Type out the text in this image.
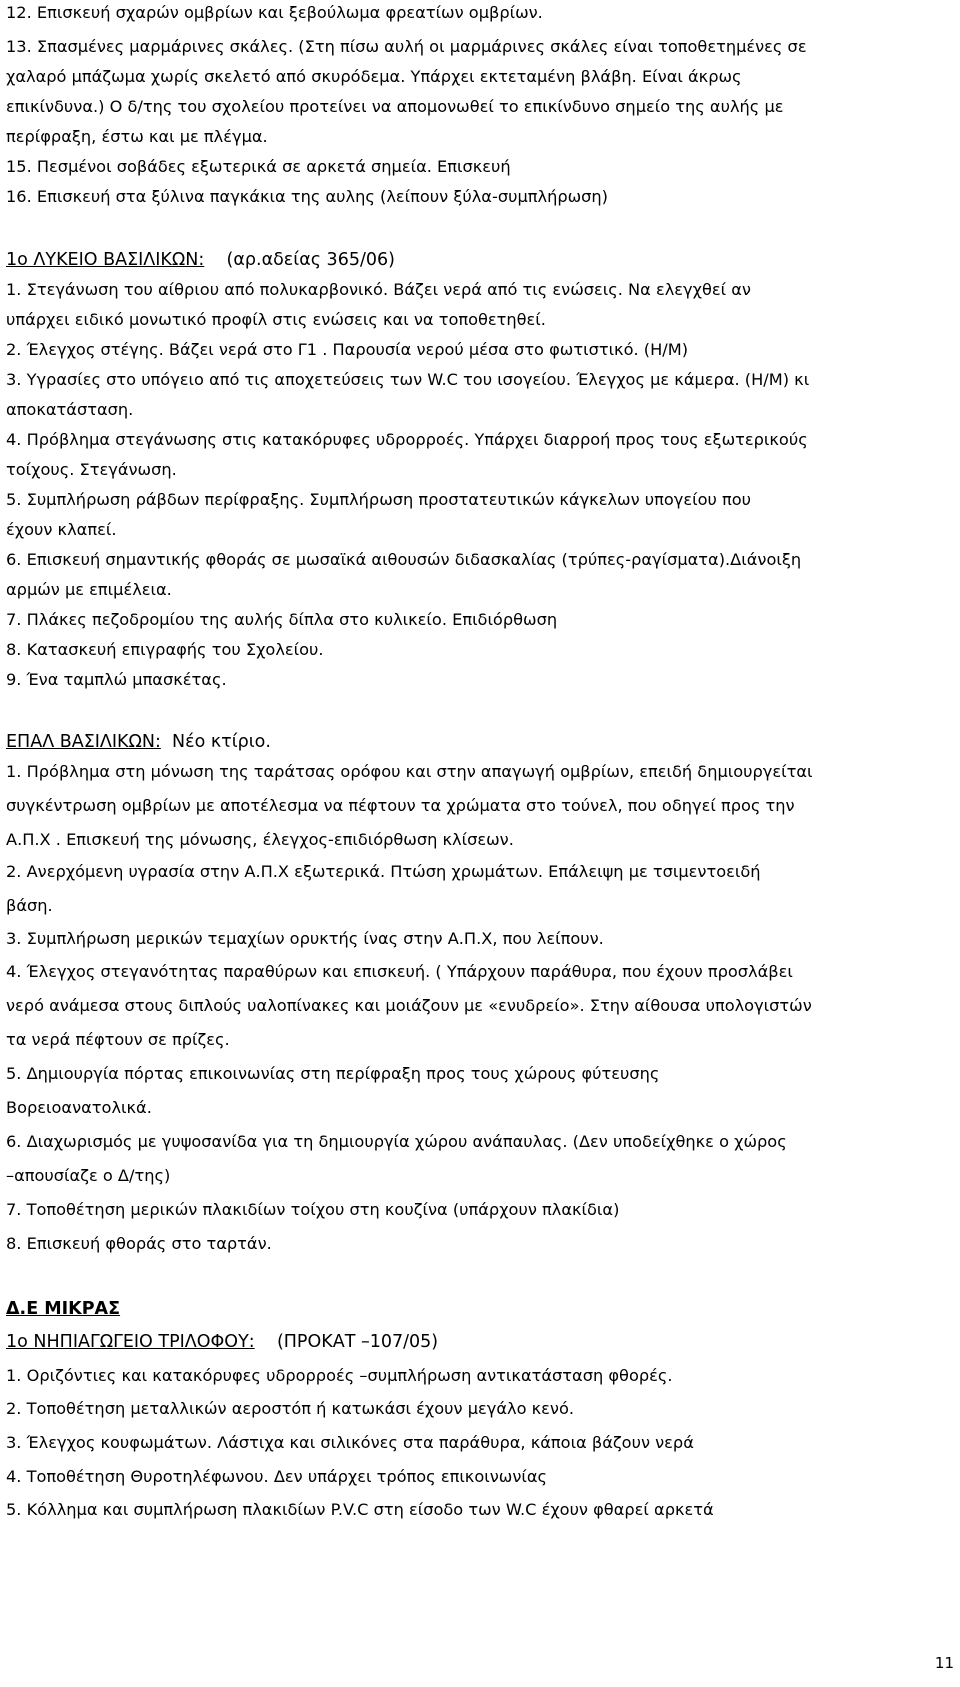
12. Επισκευή σχαρών ομβρίων και ξεβούλωμα φρεατίων ομβρίων.
13. Σπασμένες μαρμάρινες σκάλες. (Στη πίσω αυλή οι μαρμάρινες σκάλες είναι τοποθετημένες σε
χαλαρό μπάζωμα χωρίς σκελετό από σκυρόδεμα. Υπάρχει εκτεταμένη βλάβη. Είναι άκρως
επικίνδυνα.) Ο δ/της του σχολείου προτείνει να απομονωθεί το επικίνδυνο σημείο της αυλής με
περίφραξη, έστω και με πλέγμα.
15. Πεσμένοι σοβάδες εξωτερικά σε αρκετά σημεία. Επισκευή
16. Επισκευή στα ξύλινα παγκάκια της αυλης (λείπουν ξύλα-συμπλήρωση)
1ο ΛΥΚΕΙΟ ΒΑΣΙΛΙΚΩΝ: (αρ.αδείας 365/06)
1. Στεγάνωση του αίθριου από πολυκαρβονικό. Βάζει νερά από τις ενώσεις. Να ελεγχθεί αν
υπάρχει ειδικό μονωτικό προφίλ στις ενώσεις και να τοποθετηθεί.
2. Έλεγχος στέγης. Βάζει νερά στο Γ1 . Παρουσία νερού μέσα στο φωτιστικό. (Η/Μ)
3. Υγρασίες στο υπόγειο από τις αποχετεύσεις των W.C του ισογείου. Έλεγχος με κάμερα. (Η/Μ) κι
αποκατάσταση.
4. Πρόβλημα στεγάνωσης στις κατακόρυφες υδρορροές. Υπάρχει διαρροή προς τους εξωτερικούς
τοίχους. Στεγάνωση.
5. Συμπλήρωση ράβδων περίφραξης. Συμπλήρωση προστατευτικών κάγκελων υπογείου που
έχουν κλαπεί.
6. Επισκευή σημαντικής φθοράς σε μωσαϊκά αιθουσών διδασκαλίας (τρύπες-ραγίσματα).Διάνοιξη
αρμών με επιμέλεια.
7. Πλάκες πεζοδρομίου της αυλής δίπλα στο κυλικείο. Επιδιόρθωση
8. Κατασκευή επιγραφής του Σχολείου.
9. Ένα ταμπλώ μπασκέτας.
ΕΠΑΛ ΒΑΣΙΛΙΚΩΝ: Νέο κτίριο.
1. Πρόβλημα στη μόνωση της ταράτσας ορόφου και στην απαγωγή ομβρίων, επειδή δημιουργείται
συγκέντρωση ομβρίων με αποτέλεσμα να πέφτουν τα χρώματα στο τούνελ, που οδηγεί προς την
Α.Π.Χ . Επισκευή της μόνωσης, έλεγχος-επιδιόρθωση κλίσεων.
2. Ανερχόμενη υγρασία στην Α.Π.Χ εξωτερικά. Πτώση χρωμάτων. Επάλειψη με τσιμεντοειδή
βάση.
3. Συμπλήρωση μερικών τεμαχίων ορυκτής ίνας στην Α.Π.Χ, που λείπουν.
4. Έλεγχος στεγανότητας παραθύρων και επισκευή. ( Υπάρχουν παράθυρα, που έχουν προσλάβει
νερό ανάμεσα στους διπλούς υαλοπίνακες και μοιάζουν με «ενυδρείο». Στην αίθουσα υπολογιστών
τα νερά πέφτουν σε πρίζες.
5. Δημιουργία πόρτας επικοινωνίας στη περίφραξη προς τους χώρους φύτευσης
Βορειοανατολικά.
6. Διαχωρισμός με γυψοσανίδα για τη δημιουργία χώρου ανάπαυλας. (Δεν υποδείχθηκε ο χώρος
–απουσίαζε ο Δ/της)
7. Τοποθέτηση μερικών πλακιδίων τοίχου στη κουζίνα (υπάρχουν πλακίδια)
8. Επισκευή φθοράς στο ταρτάν.
Δ.Ε ΜΙΚΡΑΣ
1ο ΝΗΠΙΑΓΩΓΕΙΟ ΤΡΙΛΟΦΟΥ: (ΠΡΟΚΑΤ –107/05)
1. Οριζόντιες και κατακόρυφες υδρορροές –συμπλήρωση αντικατάσταση φθορές.
2. Τοποθέτηση μεταλλικών αεροστόπ ή κατωκάσι έχουν μεγάλο κενό.
3. Έλεγχος κουφωμάτων. Λάστιχα και σιλικόνες στα παράθυρα, κάποια βάζουν νερά
4. Τοποθέτηση Θυροτηλέφωνου. Δεν υπάρχει τρόπος επικοινωνίας
5. Κόλλημα και συμπλήρωση πλακιδίων P.V.C στη είσοδο των W.C έχουν φθαρεί αρκετά
11
